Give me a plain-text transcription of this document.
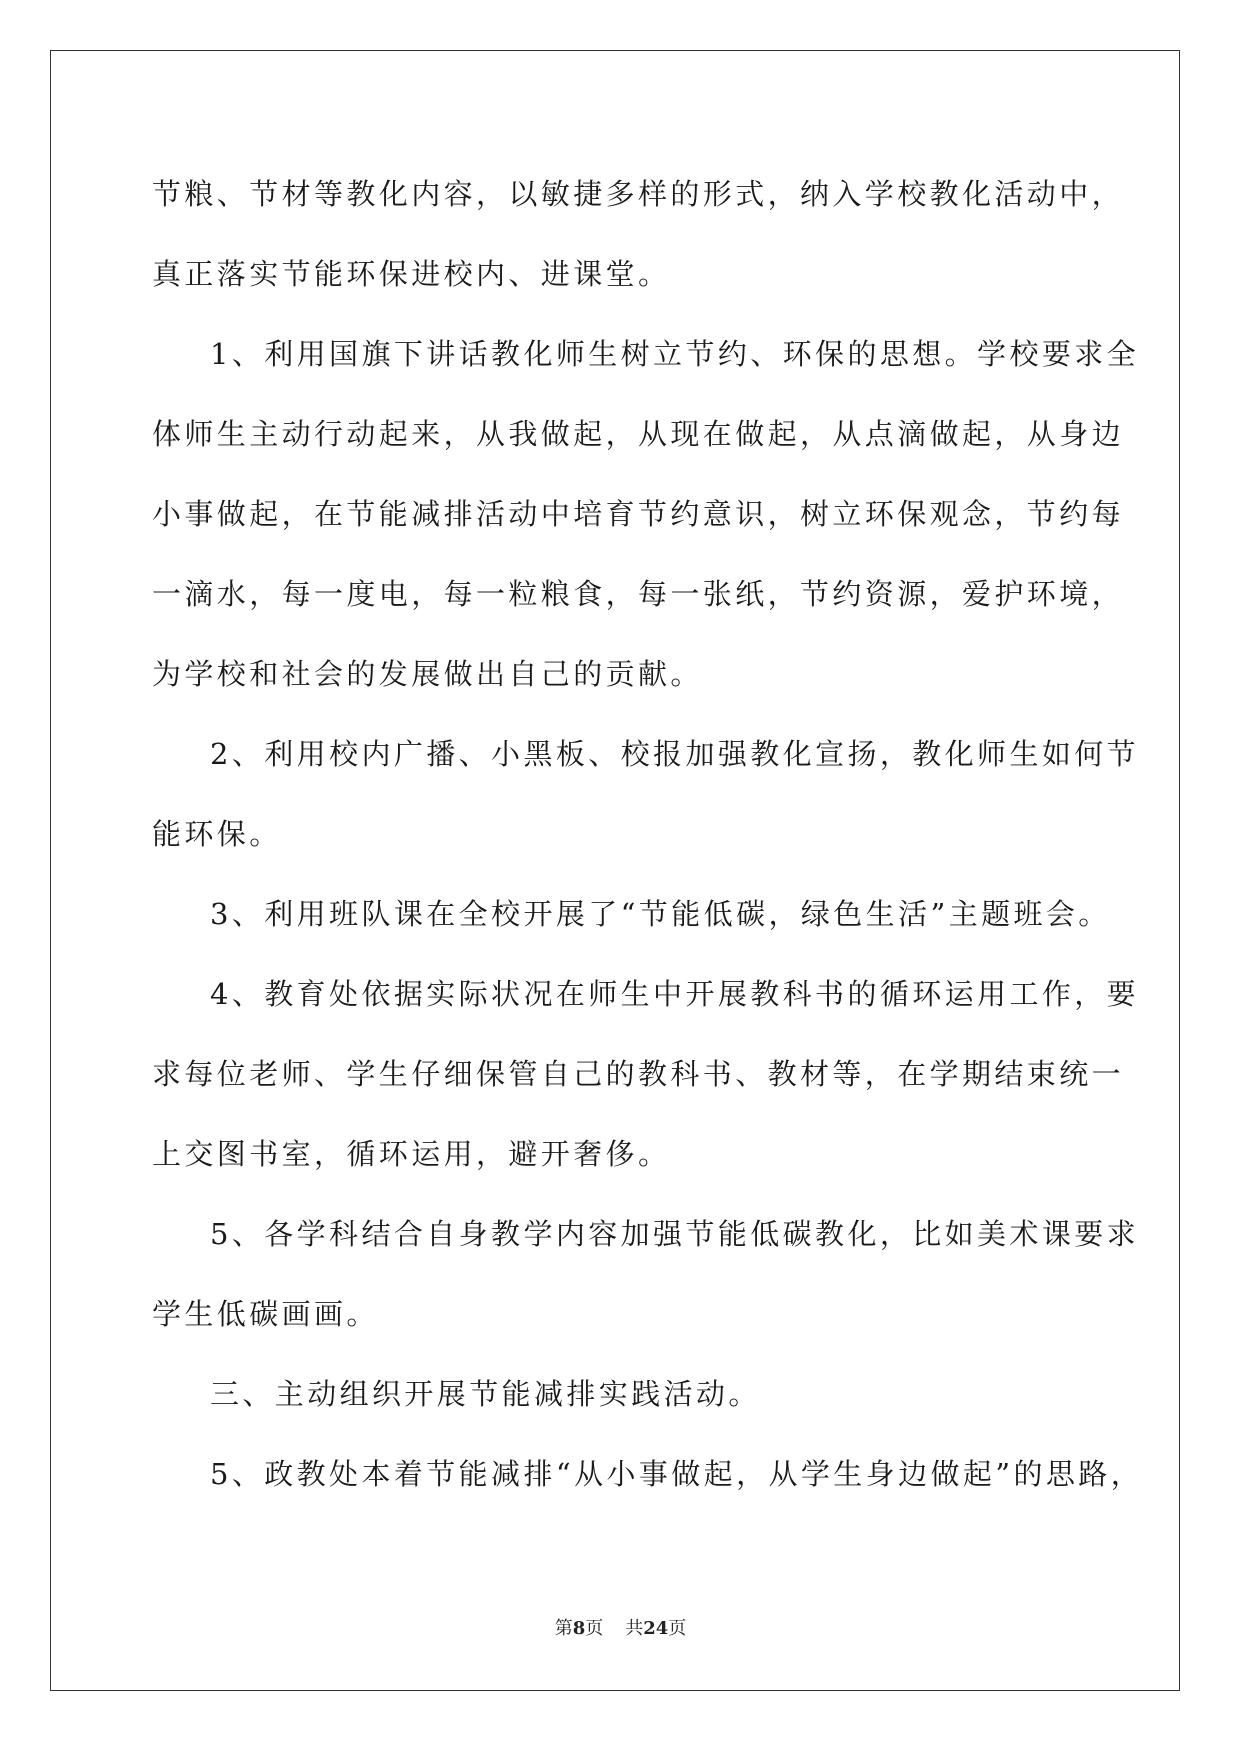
节粮、节材等教化内容，以敏捷多样的形式，纳入学校教化活动中，
真正落实节能环保进校内、进课堂。
1、利用国旗下讲话教化师生树立节约、环保的思想。学校要求全
体师生主动行动起来，从我做起，从现在做起，从点滴做起，从身边
小事做起，在节能减排活动中培育节约意识，树立环保观念，节约每
一滴水，每一度电，每一粒粮食，每一张纸，节约资源，爱护环境，
为学校和社会的发展做出自己的贡献。
2、利用校内广播、小黑板、校报加强教化宣扬，教化师生如何节
能环保。
3、利用班队课在全校开展了“节能低碳，绿色生活”主题班会。
4、教育处依据实际状况在师生中开展教科书的循环运用工作，要
求每位老师、学生仔细保管自己的教科书、教材等，在学期结束统一
上交图书室，循环运用，避开奢侈。
5、各学科结合自身教学内容加强节能低碳教化，比如美术课要求
学生低碳画画。
三、主动组织开展节能减排实践活动。
5、政教处本着节能减排“从小事做起，从学生身边做起”的思路，
第8页 共24页
